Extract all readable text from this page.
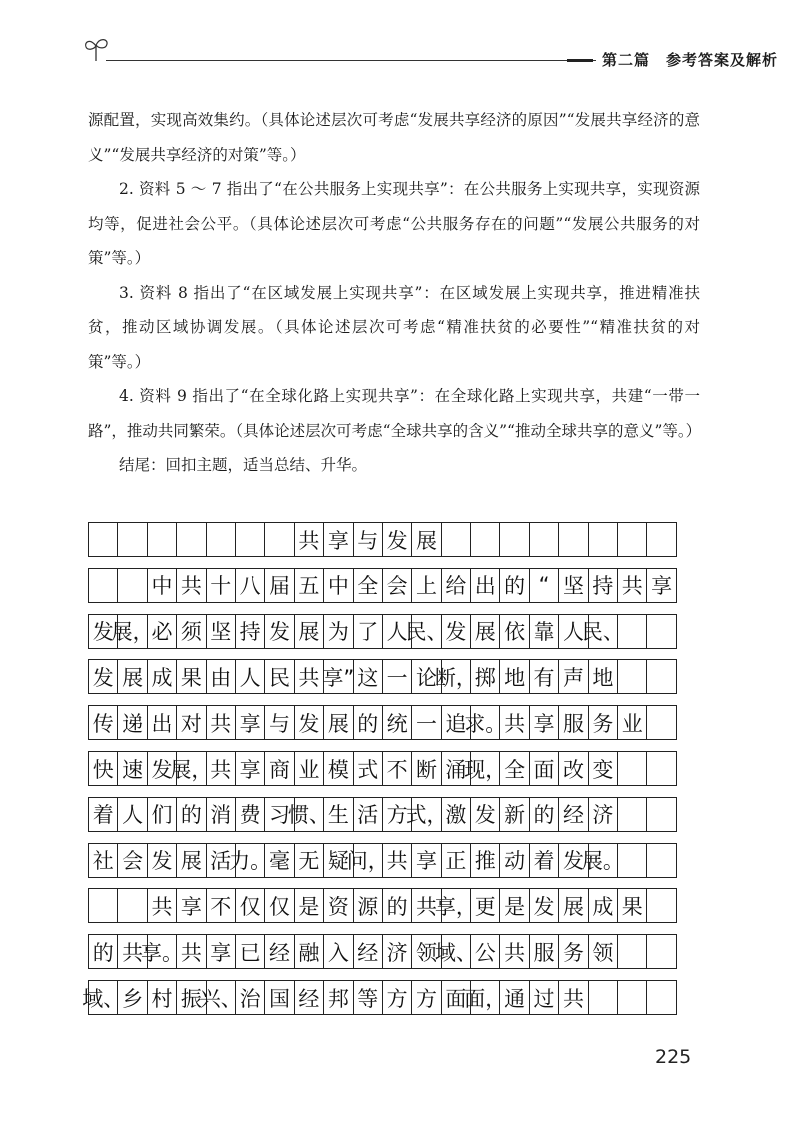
第二篇　参考答案及解析

源配置，实现高效集约。（具体论述层次可考虑“发展共享经济的原因”“发展共享经济的意义”“发展共享经济的对策”等。）

2. 资料 5 ～ 7 指出了“在公共服务上实现共享”：在公共服务上实现共享，实现资源均等，促进社会公平。（具体论述层次可考虑“公共服务存在的问题”“发展公共服务的对策”等。）

3. 资料 8 指出了“在区域发展上实现共享”：在区域发展上实现共享，推进精准扶贫，推动区域协调发展。（具体论述层次可考虑“精准扶贫的必要性”“精准扶贫的对策”等。）

4. 资料 9 指出了“在全球化路上实现共享”：在全球化路上实现共享，共建“一带一路”，推动共同繁荣。（具体论述层次可考虑“全球共享的含义”“推动全球共享的意义”等。）

结尾：回扣主题，适当总结、升华。

共 享 与 发 展
中 共 十 八 届 五 中 全 会 上 给 出 的 “ 坚 持 共 享
发
展，
必 须 坚 持 发 展 为 了 人
民、
发 展 依 靠 人
民、
发 展 成 果 由 人 民 共 享” 这 一 论
断，
掷 地 有 声 地
传 递 出 对 共 享 与 发 展 的 统 一 追
求。
共 享 服 务 业
快 速 发
展，
共 享 商 业 模 式 不 断 涌
现，
全 面 改 变
着 人 们 的 消 费 习
惯、
生 活 方
式，
激 发 新 的 经 济
社 会 发 展 活
力。
毫 无 疑
问，
共 享 正 推 动 着 发
展。
共 享 不 仅 仅 是 资 源 的 共
享，
更 是 发 展 成 果
的 共
享。
共 享 已 经 融 入 经 济 领
域、
公 共 服 务 领
域、
乡 村 振
兴、
治 国 经 邦 等 方 方 面
面，
通 过 共
225
